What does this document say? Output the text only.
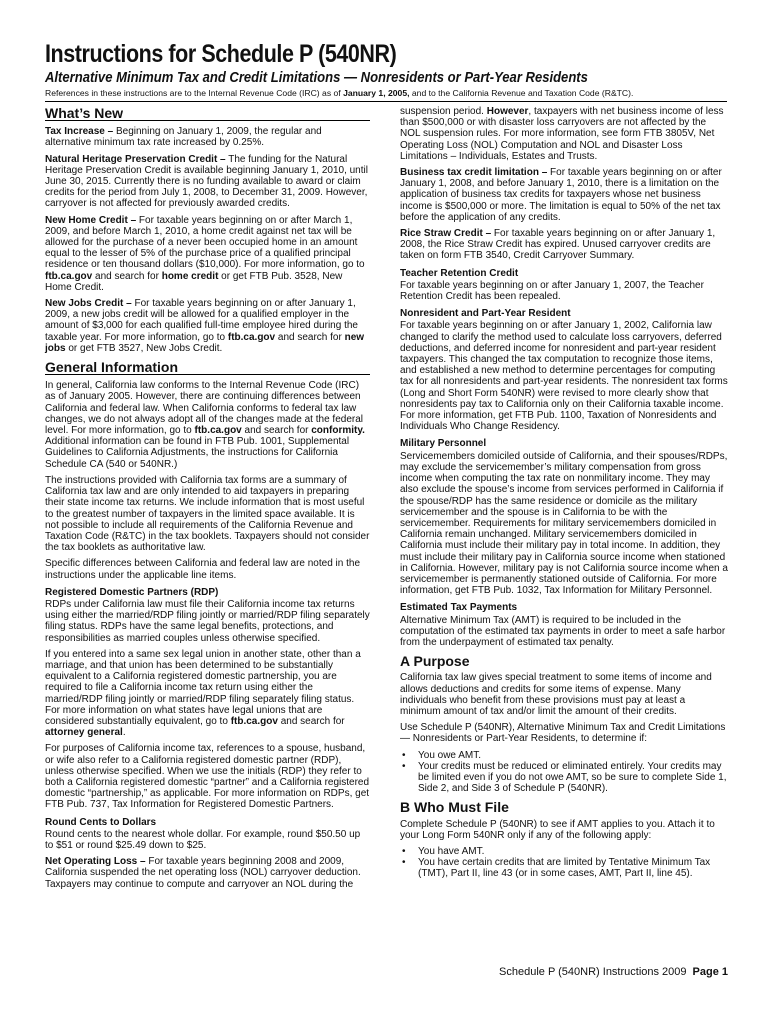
Instructions for Schedule P (540NR)
Alternative Minimum Tax and Credit Limitations — Nonresidents or Part-Year Residents
References in these instructions are to the Internal Revenue Code (IRC) as of January 1, 2005, and to the California Revenue and Taxation Code (R&TC).
What’s New

Tax Increase – Beginning on January 1, 2009, the regular and alternative minimum tax rate increased by 0.25%.

Natural Heritage Preservation Credit – The funding for the Natural Heritage Preservation Credit is available beginning January 1, 2010, until June 30, 2015. Currently there is no funding available to award or claim credits for the period from July 1, 2008, to December 31, 2009. However, carryover is not affected for previously awarded credits.

New Home Credit – For taxable years beginning on or after March 1, 2009, and before March 1, 2010, a home credit against net tax will be allowed for the purchase of a never been occupied home in an amount equal to the lesser of 5% of the purchase price of a qualified principal residence or ten thousand dollars ($10,000). For more information, go to ftb.ca.gov and search for home credit or get FTB Pub. 3528, New Home Credit.

New Jobs Credit – For taxable years beginning on or after January 1, 2009, a new jobs credit will be allowed for a qualified employer in the amount of $3,000 for each qualified full-time employee hired during the taxable year. For more information, go to ftb.ca.gov and search for new jobs or get FTB 3527, New Jobs Credit.

General Information

In general, California law conforms to the Internal Revenue Code (IRC) as of January 2005. However, there are continuing differences between California and federal law. When California conforms to federal tax law changes, we do not always adopt all of the changes made at the federal level. For more information, go to ftb.ca.gov and search for conformity. Additional information can be found in FTB Pub. 1001, Supplemental Guidelines to California Adjustments, the instructions for California Schedule CA (540 or 540NR.)

The instructions provided with California tax forms are a summary of California tax law and are only intended to aid taxpayers in preparing their state income tax returns. We include information that is most useful to the greatest number of taxpayers in the limited space available. It is not possible to include all requirements of the California Revenue and Taxation Code (R&TC) in the tax booklets. Taxpayers should not consider the tax booklets as authoritative law.

Specific differences between California and federal law are noted in the instructions under the applicable line items.

Registered Domestic Partners (RDP)

RDPs under California law must file their California income tax returns using either the married/RDP filing jointly or married/RDP filing separately filing status. RDPs have the same legal benefits, protections, and responsibilities as married couples unless otherwise specified.

If you entered into a same sex legal union in another state, other than a marriage, and that union has been determined to be substantially equivalent to a California registered domestic partnership, you are required to file a California income tax return using either the married/RDP filing jointly or married/RDP filing separately filing status. For more information on what states have legal unions that are considered substantially equivalent, go to ftb.ca.gov and search for attorney general.

For purposes of California income tax, references to a spouse, husband, or wife also refer to a California registered domestic partner (RDP), unless otherwise specified. When we use the initials (RDP) they refer to both a California registered domestic “partner” and a California registered domestic “partnership,” as applicable. For more information on RDPs, get FTB Pub. 737, Tax Information for Registered Domestic Partners.

Round Cents to Dollars

Round cents to the nearest whole dollar. For example, round $50.50 up to $51 or round $25.49 down to $25.

Net Operating Loss – For taxable years beginning 2008 and 2009, California suspended the net operating loss (NOL) carryover deduction. Taxpayers may continue to compute and carryover an NOL during the

suspension period. However, taxpayers with net business income of less than $500,000 or with disaster loss carryovers are not affected by the NOL suspension rules. For more information, see form FTB 3805V, Net Operating Loss (NOL) Computation and NOL and Disaster Loss Limitations – Individuals, Estates and Trusts.

Business tax credit limitation – For taxable years beginning on or after January 1, 2008, and before January 1, 2010, there is a limitation on the application of business tax credits for taxpayers whose net business income is $500,000 or more. The limitation is equal to 50% of the net tax before the application of any credits.

Rice Straw Credit – For taxable years beginning on or after January 1, 2008, the Rice Straw Credit has expired. Unused carryover credits are taken on form FTB 3540, Credit Carryover Summary.

Teacher Retention Credit

For taxable years beginning on or after January 1, 2007, the Teacher Retention Credit has been repealed.

Nonresident and Part-Year Resident

For taxable years beginning on or after January 1, 2002, California law changed to clarify the method used to calculate loss carryovers, deferred deductions, and deferred income for nonresident and part-year resident taxpayers. This changed the tax computation to recognize those items, and established a new method to determine percentages for computing tax for all nonresidents and part-year residents. The nonresident tax forms (Long and Short Form 540NR) were revised to more clearly show that nonresidents pay tax to California only on their California taxable income. For more information, get FTB Pub. 1100, Taxation of Nonresidents and Individuals Who Change Residency.

Military Personnel

Servicemembers domiciled outside of California, and their spouses/RDPs, may exclude the servicemember’s military compensation from gross income when computing the tax rate on nonmilitary income. They may also exclude the spouse’s income from services performed in California if the spouse/RDP has the same residence or domicile as the military servicemember and the spouse is in California to be with the servicemember. Requirements for military servicemembers domiciled in California remain unchanged. Military servicemembers domiciled in California must include their military pay in total income. In addition, they must include their military pay in California source income when stationed in California. However, military pay is not California source income when a servicemember is permanently stationed outside of California. For more information, get FTB Pub. 1032, Tax Information for Military Personnel.

Estimated Tax Payments

Alternative Minimum Tax (AMT) is required to be included in the computation of the estimated tax payments in order to meet a safe harbor from the underpayment of estimated tax penalty.

A Purpose

California tax law gives special treatment to some items of income and allows deductions and credits for some items of expense. Many individuals who benefit from these provisions must pay at least a minimum amount of tax and/or limit the amount of their credits.

Use Schedule P (540NR), Alternative Minimum Tax and Credit Limitations — Nonresidents or Part-Year Residents, to determine if:

• You owe AMT.
• Your credits must be reduced or eliminated entirely. Your credits may be limited even if you do not owe AMT, so be sure to complete Side 1, Side 2, and Side 3 of Schedule P (540NR).
B Who Must File

Complete Schedule P (540NR) to see if AMT applies to you. Attach it to your Long Form 540NR only if any of the following apply:

• You have AMT.
• You have certain credits that are limited by Tentative Minimum Tax (TMT), Part II, line 43 (or in some cases, AMT, Part II, line 45).
Schedule P (540NR) Instructions 2009 Page 1
